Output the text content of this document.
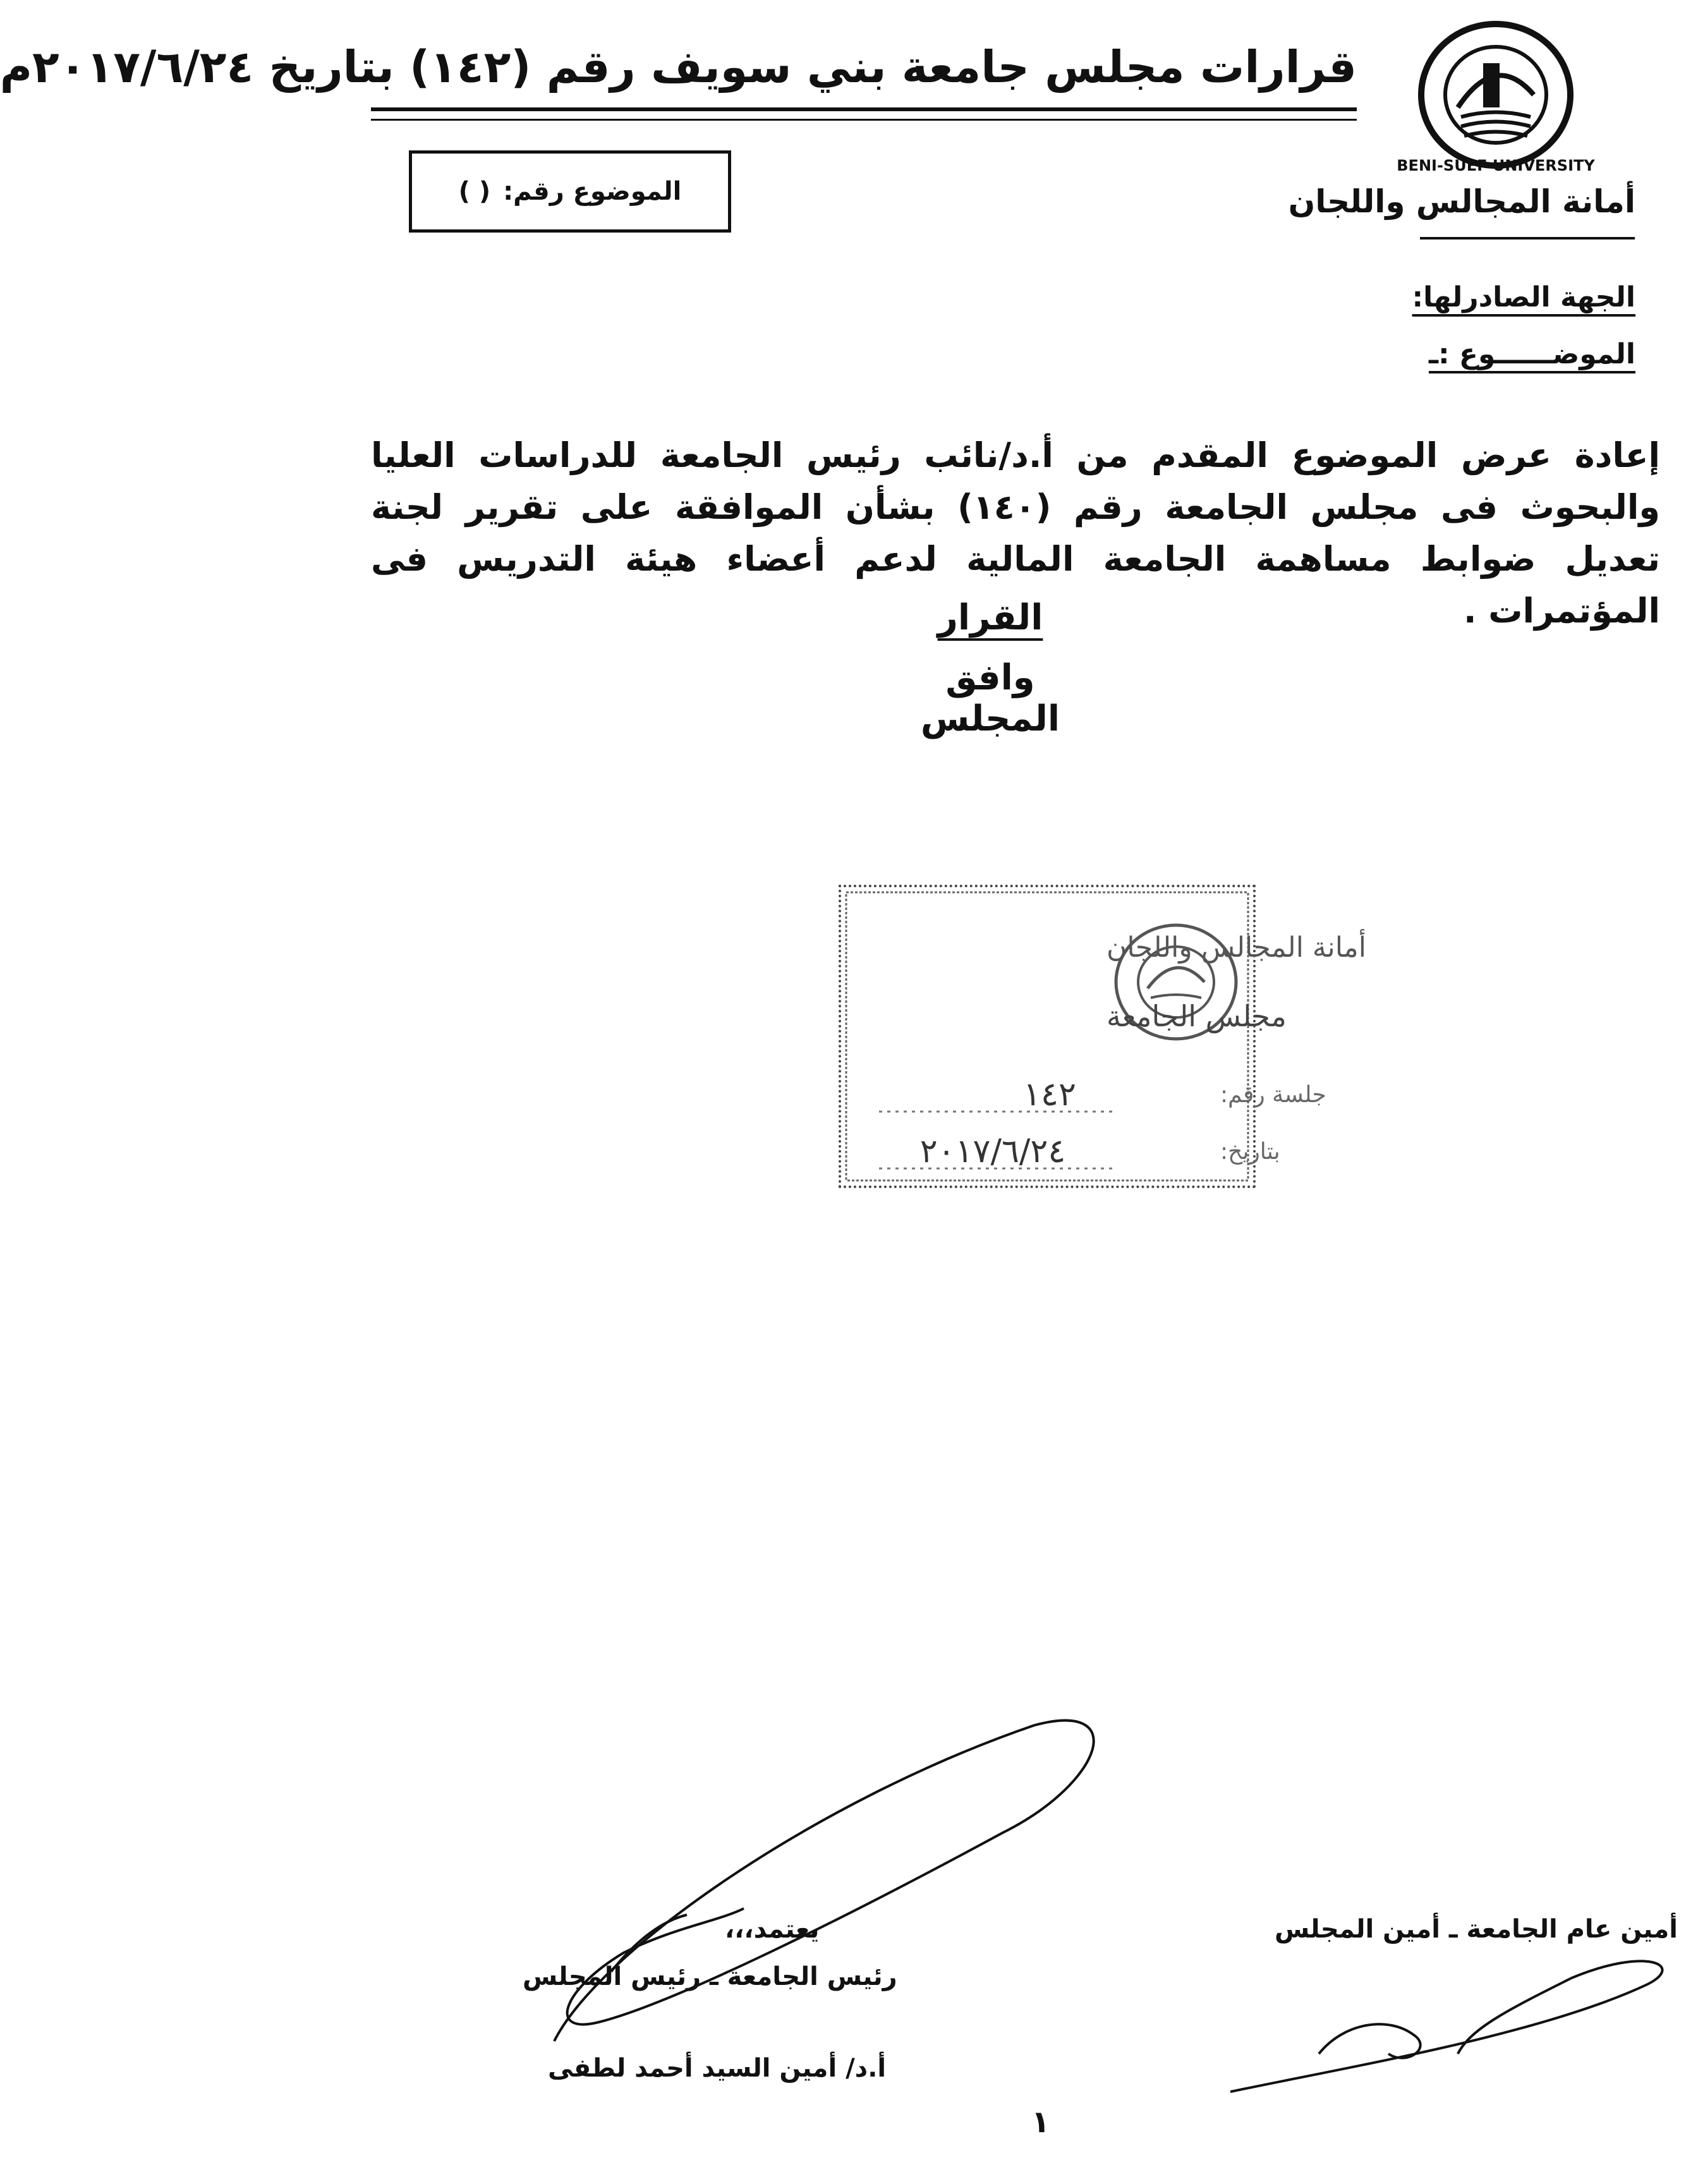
BENI-SUEF UNIVERSITY
قرارات مجلس جامعة بني سويف رقم (١٤٢) بتاريخ ٢٠١٧/٦/٢٤م
الموضوع رقم:
( )	أمانة المجالس واللجان
الجهة الصادرلها:
الموضــــــوع :ـ
إعادة عرض الموضوع المقدم من أ.د/نائب رئيس الجامعة للدراسات العليا والبحوث فى مجلس الجامعة رقم (١٤٠) بشأن الموافقة على تقرير لجنة تعديل ضوابط مساهمة الجامعة المالية لدعم أعضاء هيئة التدريس فى المؤتمرات .
القرار
وافق المجلس
أمانة المجالس واللجان
مجلس الجامعة
جلسة رقم:
١٤٢
بتاريخ:
٢٠١٧/٦/٢٤
يعتمد،،،
رئيس الجامعة ـ رئيس المجلس
أ.د/ أمين السيد أحمد لطفى
أمين عام الجامعة ـ أمين المجلس
١
